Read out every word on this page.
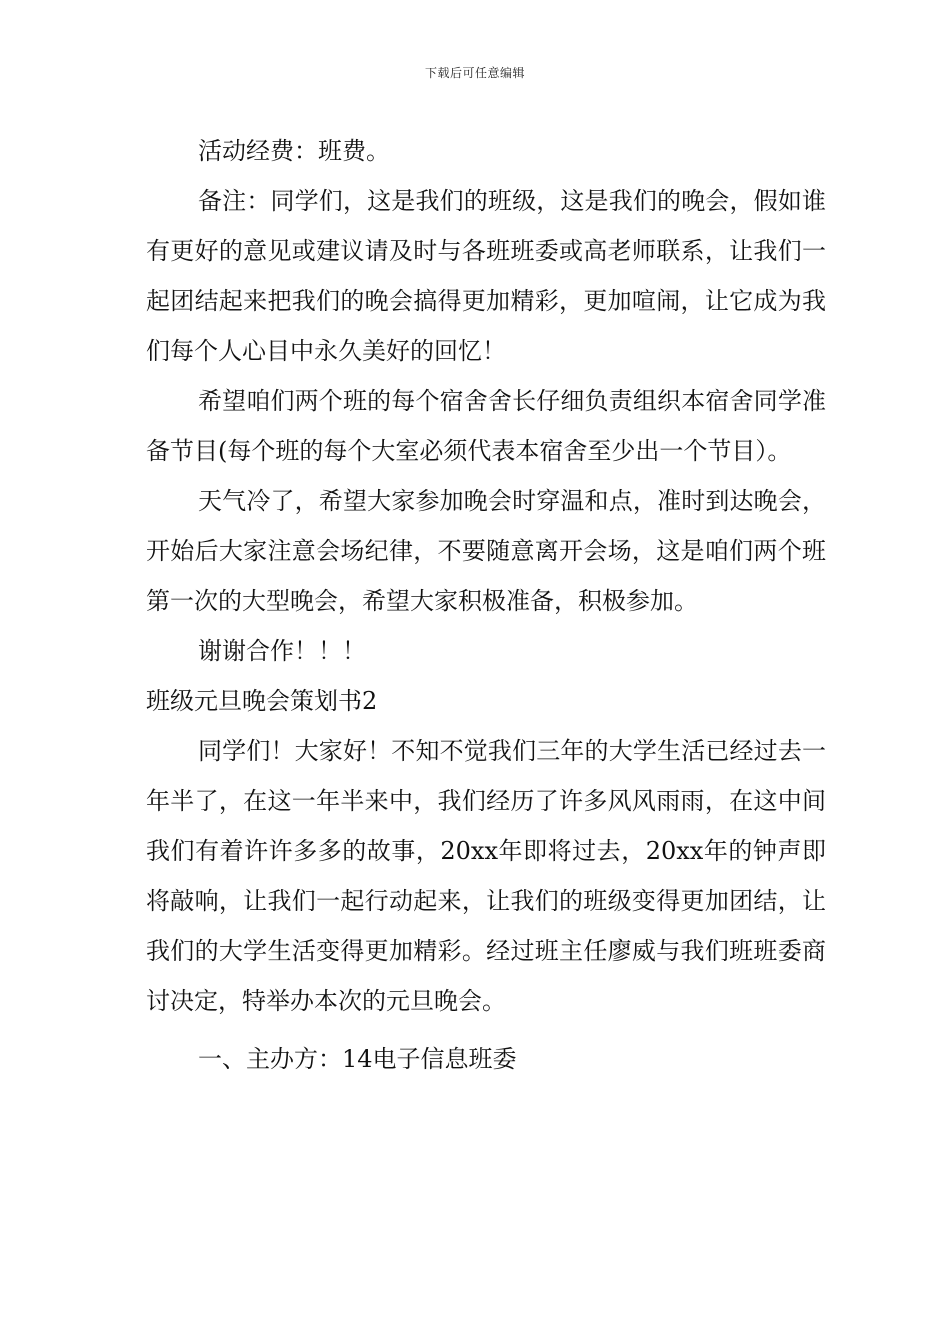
下载后可任意编辑

活动经费：班费。

备注：同学们，这是我们的班级，这是我们的晚会，假如谁有更好的意见或建议请及时与各班班委或高老师联系，让我们一起团结起来把我们的晚会搞得更加精彩，更加喧闹，让它成为我们每个人心目中永久美好的回忆！

希望咱们两个班的每个宿舍舍长仔细负责组织本宿舍同学准备节目(每个班的每个大室必须代表本宿舍至少出一个节目）。

天气冷了，希望大家参加晚会时穿温和点，准时到达晚会，开始后大家注意会场纪律，不要随意离开会场，这是咱们两个班第一次的大型晚会，希望大家积极准备，积极参加。

谢谢合作！！！

班级元旦晚会策划书2

同学们！大家好！不知不觉我们三年的大学生活已经过去一年半了，在这一年半来中，我们经历了许多风风雨雨，在这中间我们有着许许多多的故事，20xx年即将过去，20xx年的钟声即将敲响，让我们一起行动起来，让我们的班级变得更加团结，让我们的大学生活变得更加精彩。经过班主任廖威与我们班班委商讨决定，特举办本次的元旦晚会。

一、主办方：14电子信息班委
